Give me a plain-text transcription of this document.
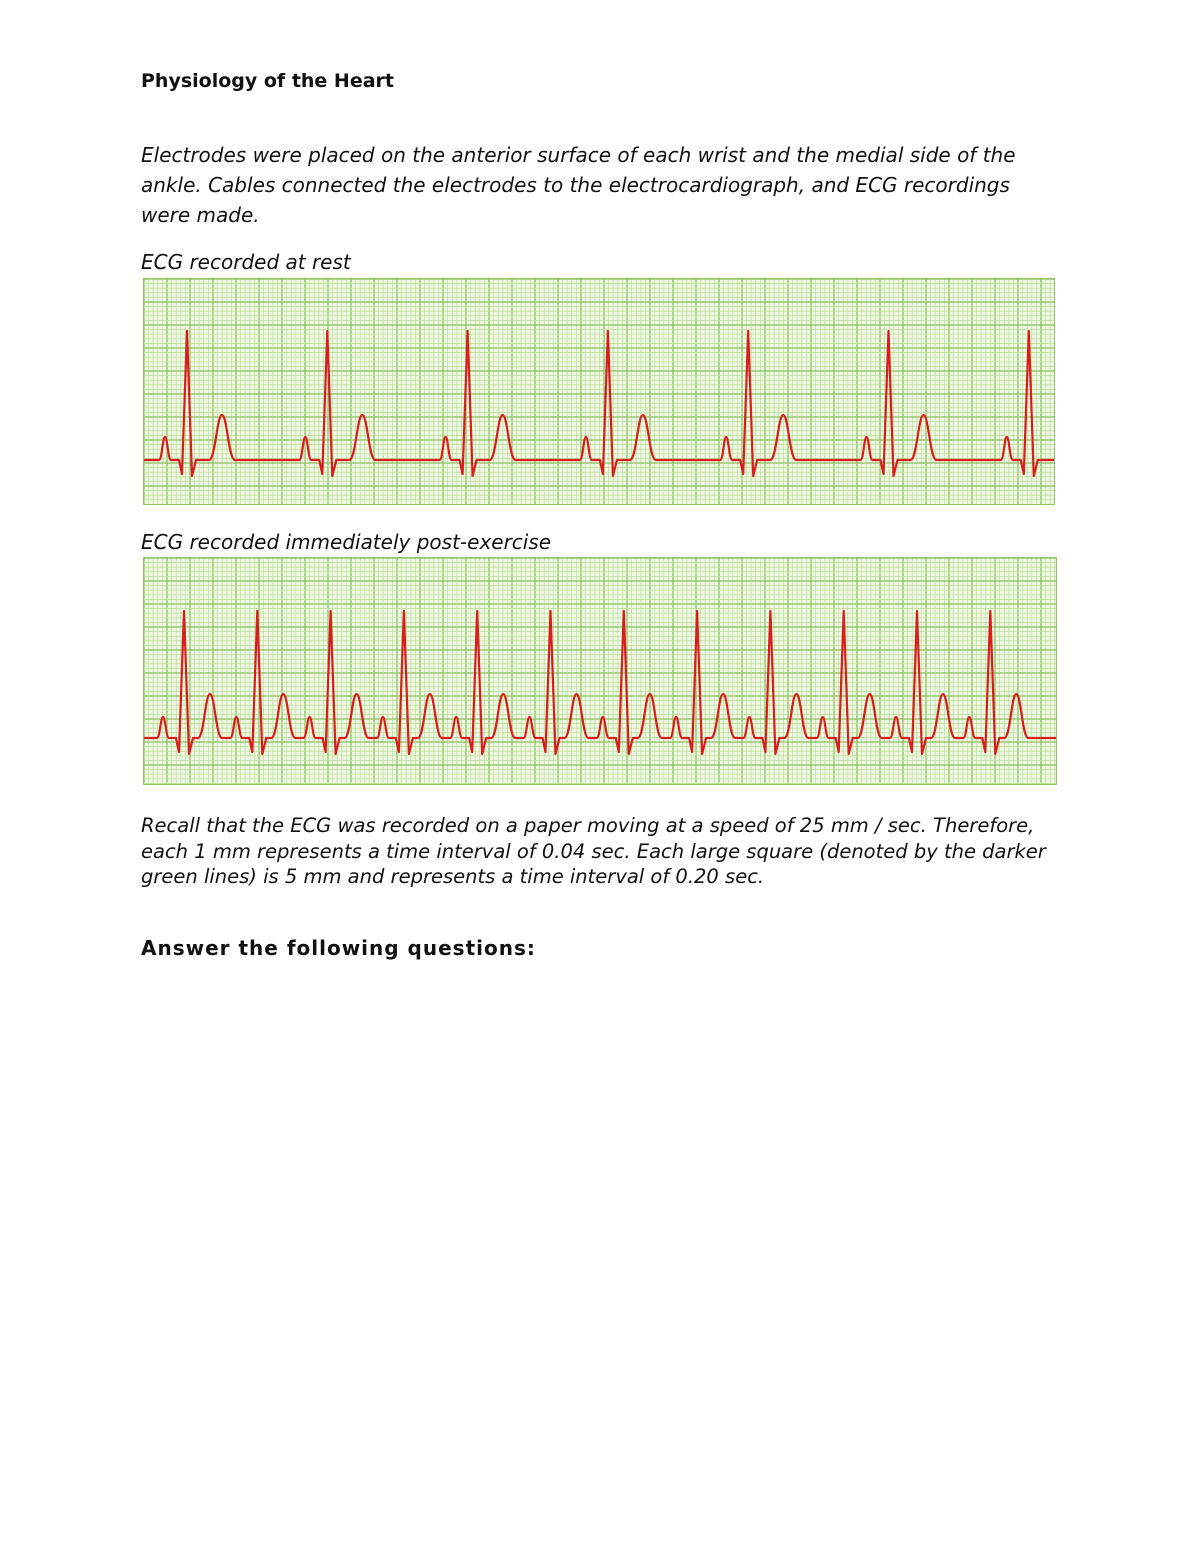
Physiology of the Heart

Electrodes were placed on the anterior surface of each wrist and the medial side of the ankle. Cables connected the electrodes to the electrocardiograph, and ECG recordings were made.

ECG recorded at rest

ECG recorded immediately post-exercise

Recall that the ECG was recorded on a paper moving at a speed of 25 mm / sec. Therefore, each 1 mm represents a time interval of 0.04 sec. Each large square (denoted by the darker green lines) is 5 mm and represents a time interval of 0.20 sec.

Answer the following questions:
